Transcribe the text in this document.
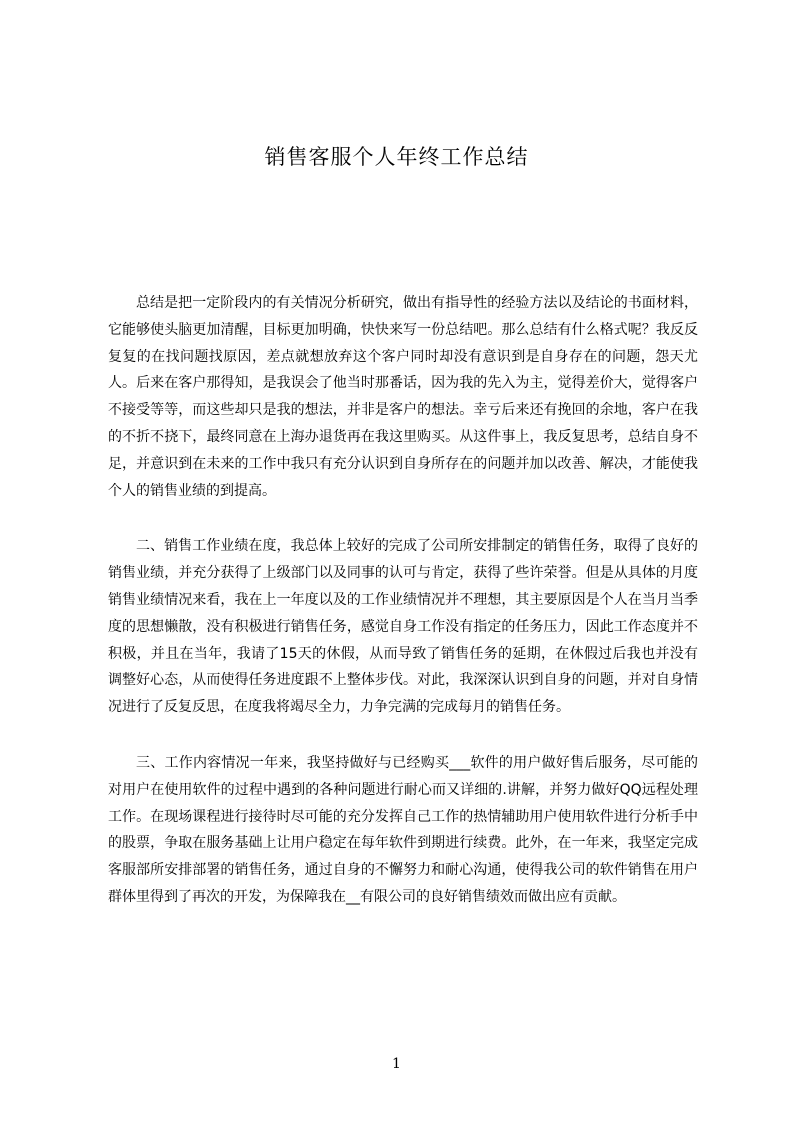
销售客服个人年终工作总结

总结是把一定阶段内的有关情况分析研究，做出有指导性的经验方法以及结论的书面材料，它能够使头脑更加清醒，目标更加明确，快快来写一份总结吧。那么总结有什么格式呢？我反反复复的在找问题找原因，差点就想放弃这个客户同时却没有意识到是自身存在的问题，怨天尤人。后来在客户那得知，是我误会了他当时那番话，因为我的先入为主，觉得差价大，觉得客户不接受等等，而这些却只是我的想法，并非是客户的想法。幸亏后来还有挽回的余地，客户在我的不折不挠下，最终同意在上海办退货再在我这里购买。从这件事上，我反复思考，总结自身不足，并意识到在未来的工作中我只有充分认识到自身所存在的问题并加以改善、解决，才能使我个人的销售业绩的到提高。

二、销售工作业绩在度，我总体上较好的完成了公司所安排制定的销售任务，取得了良好的销售业绩，并充分获得了上级部门以及同事的认可与肯定，获得了些许荣誉。但是从具体的月度销售业绩情况来看，我在上一年度以及的工作业绩情况并不理想，其主要原因是个人在当月当季度的思想懒散，没有积极进行销售任务，感觉自身工作没有指定的任务压力，因此工作态度并不积极，并且在当年，我请了15天的休假，从而导致了销售任务的延期，在休假过后我也并没有调整好心态，从而使得任务进度跟不上整体步伐。对此，我深深认识到自身的问题，并对自身情况进行了反复反思，在度我将竭尽全力，力争完满的完成每月的销售任务。

三、工作内容情况一年来，我坚持做好与已经购买___软件的用户做好售后服务，尽可能的对用户在使用软件的过程中遇到的各种问题进行耐心而又详细的.讲解，并努力做好QQ远程处理工作。在现场课程进行接待时尽可能的充分发挥自己工作的热情辅助用户使用软件进行分析手中的股票，争取在服务基础上让用户稳定在每年软件到期进行续费。此外，在一年来，我坚定完成客服部所安排部署的销售任务，通过自身的不懈努力和耐心沟通，使得我公司的软件销售在用户群体里得到了再次的开发，为保障我在__有限公司的良好销售绩效而做出应有贡献。

1
